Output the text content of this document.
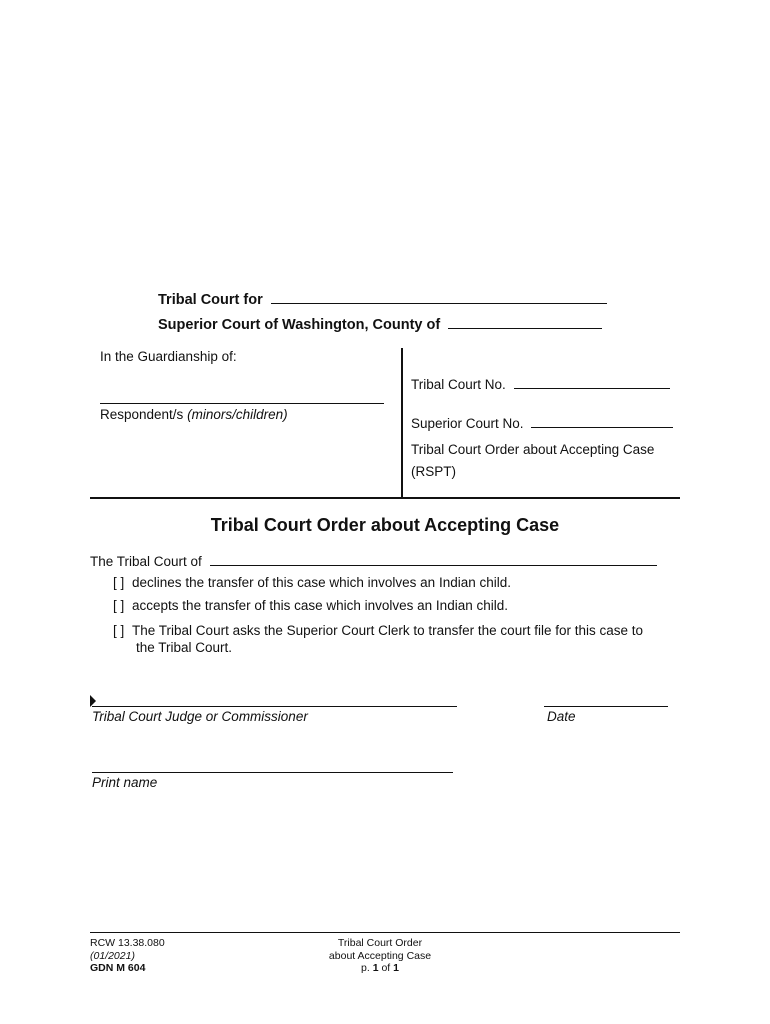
Tribal Court for
Superior Court of Washington, County of
In the Guardianship of:
Respondent/s (minors/children)
Tribal Court No.
Superior Court No.
Tribal Court Order about Accepting Case
(RSPT)
Tribal Court Order about Accepting Case
The Tribal Court of
[ ] declines the transfer of this case which involves an Indian child.
[ ] accepts the transfer of this case which involves an Indian child.
[ ] The Tribal Court asks the Superior Court Clerk to transfer the court file for this case to
the Tribal Court.
Tribal Court Judge or Commissioner	Date
Print name
RCW 13.38.080
(01/2021)
GDN M 604
Tribal Court Order
about Accepting Case
p. 1 of 1
